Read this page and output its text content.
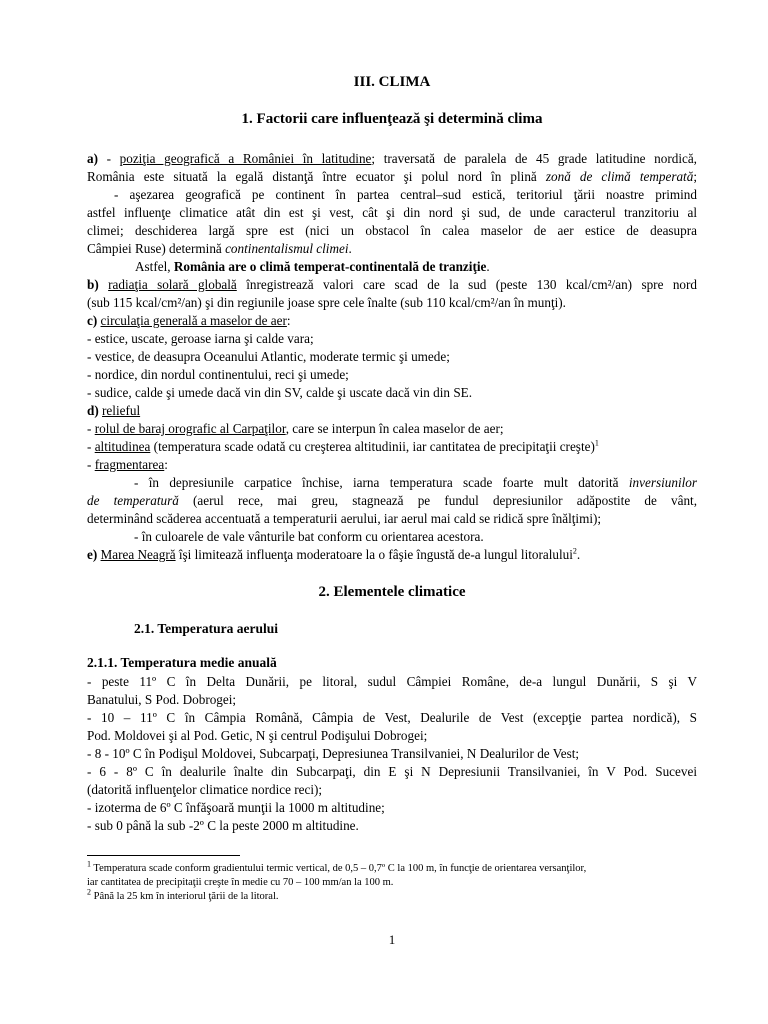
III. CLIMA
1. Factorii care influenţează şi determină clima
a) - poziţia geografică a României în latitudine; traversată de paralela de 45 grade latitudine nordică,
România este situată la egală distanţă între ecuator şi polul nord în plină zonă de climă temperată;
- aşezarea geografică pe continent în partea central–sud estică, teritoriul ţării noastre primind
astfel influenţe climatice atât din est şi vest, cât şi din nord şi sud, de unde caracterul tranzitoriu al
climei; deschiderea largă spre est (nici un obstacol în calea maselor de aer estice de deasupra
Câmpiei Ruse) determină continentalismul climei.
Astfel, România are o climă temperat-continentală de tranziţie.
b) radiaţia solară globală înregistrează valori care scad de la sud (peste 130 kcal/cm²/an) spre nord
(sub 115 kcal/cm²/an) şi din regiunile joase spre cele înalte (sub 110 kcal/cm²/an în munţi).
c) circulaţia generală a maselor de aer:
- estice, uscate, geroase iarna şi calde vara;
- vestice, de deasupra Oceanului Atlantic, moderate termic şi umede;
- nordice, din nordul continentului, reci şi umede;
- sudice, calde şi umede dacă vin din SV, calde şi uscate dacă vin din SE.
d) relieful
- rolul de baraj orografic al Carpaţilor, care se interpun în calea maselor de aer;
- altitudinea (temperatura scade odată cu creşterea altitudinii, iar cantitatea de precipitaţii creşte)$^1$
- fragmentarea:
- în depresiunile carpatice închise, iarna temperatura scade foarte mult datorită inversiunilor
de temperatură (aerul rece, mai greu, stagnează pe fundul depresiunilor adăpostite de vânt,
determinând scăderea accentuată a temperaturii aerului, iar aerul mai cald se ridică spre înălţimi);
- în culoarele de vale vânturile bat conform cu orientarea acestora.
e) Marea Neagră îşi limitează influenţa moderatoare la o fâşie îngustă de-a lungul litoralului$^2$.
2. Elementele climatice
2.1. Temperatura aerului
2.1.1. Temperatura medie anuală
- peste 11º C în Delta Dunării, pe litoral, sudul Câmpiei Române, de-a lungul Dunării, S şi V
Banatului, S Pod. Dobrogei;
- 10 – 11º C în Câmpia Română, Câmpia de Vest, Dealurile de Vest (excepţie partea nordică), S
Pod. Moldovei şi al Pod. Getic, N şi centrul Podişului Dobrogei;
- 8 - 10º C în Podişul Moldovei, Subcarpaţi, Depresiunea Transilvaniei, N Dealurilor de Vest;
- 6 - 8º C în dealurile înalte din Subcarpaţi, din E şi N Depresiunii Transilvaniei, în V Pod. Sucevei
(datorită influenţelor climatice nordice reci);
- izoterma de 6º C înfăşoară munţii la 1000 m altitudine;
- sub 0 până la sub -2º C la peste 2000 m altitudine.
$^1$ Temperatura scade conform gradientului termic vertical, de 0,5 – 0,7º C la 100 m, în funcţie de orientarea versanţilor,
iar cantitatea de precipitaţii creşte în medie cu 70 – 100 mm/an la 100 m.
$^2$ Până la 25 km în interiorul ţării de la litoral.
1
